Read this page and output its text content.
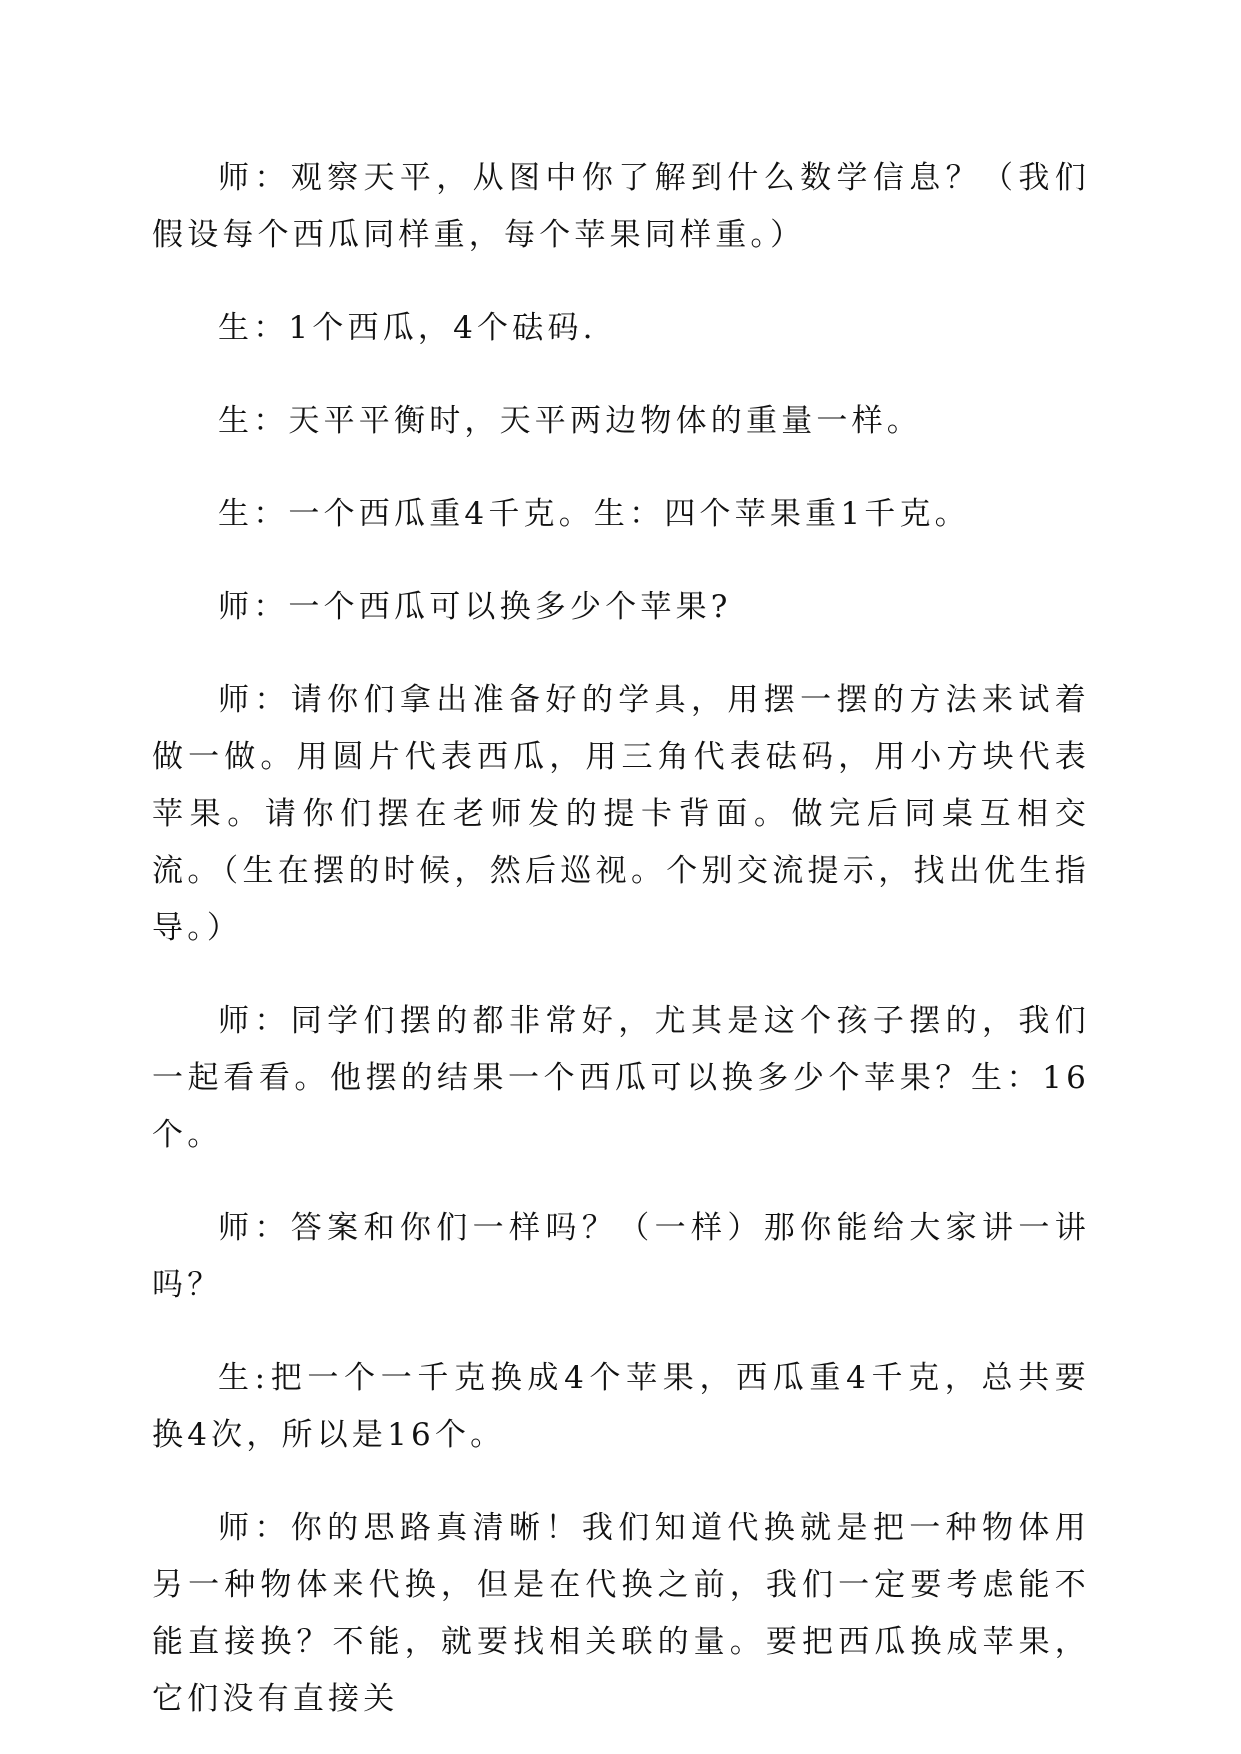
师：观察天平，从图中你了解到什么数学信息？（我们假设每个西瓜同样重，每个苹果同样重。）

生：1个西瓜，4个砝码.

生：天平平衡时，天平两边物体的重量一样。

生：一个西瓜重4千克。生：四个苹果重1千克。

师：一个西瓜可以换多少个苹果?

师：请你们拿出准备好的学具，用摆一摆的方法来试着做一做。用圆片代表西瓜，用三角代表砝码，用小方块代表苹果。请你们摆在老师发的提卡背面。做完后同桌互相交流。（生在摆的时候，然后巡视。个别交流提示，找出优生指导。）

师：同学们摆的都非常好，尤其是这个孩子摆的，我们一起看看。他摆的结果一个西瓜可以换多少个苹果？生：16个。

师：答案和你们一样吗？（一样）那你能给大家讲一讲吗？

生:把一个一千克换成4个苹果，西瓜重4千克，总共要换4次，所以是16个。

师：你的思路真清晰！我们知道代换就是把一种物体用另一种物体来代换，但是在代换之前，我们一定要考虑能不能直接换？不能，就要找相关联的量。要把西瓜换成苹果，它们没有直接关
